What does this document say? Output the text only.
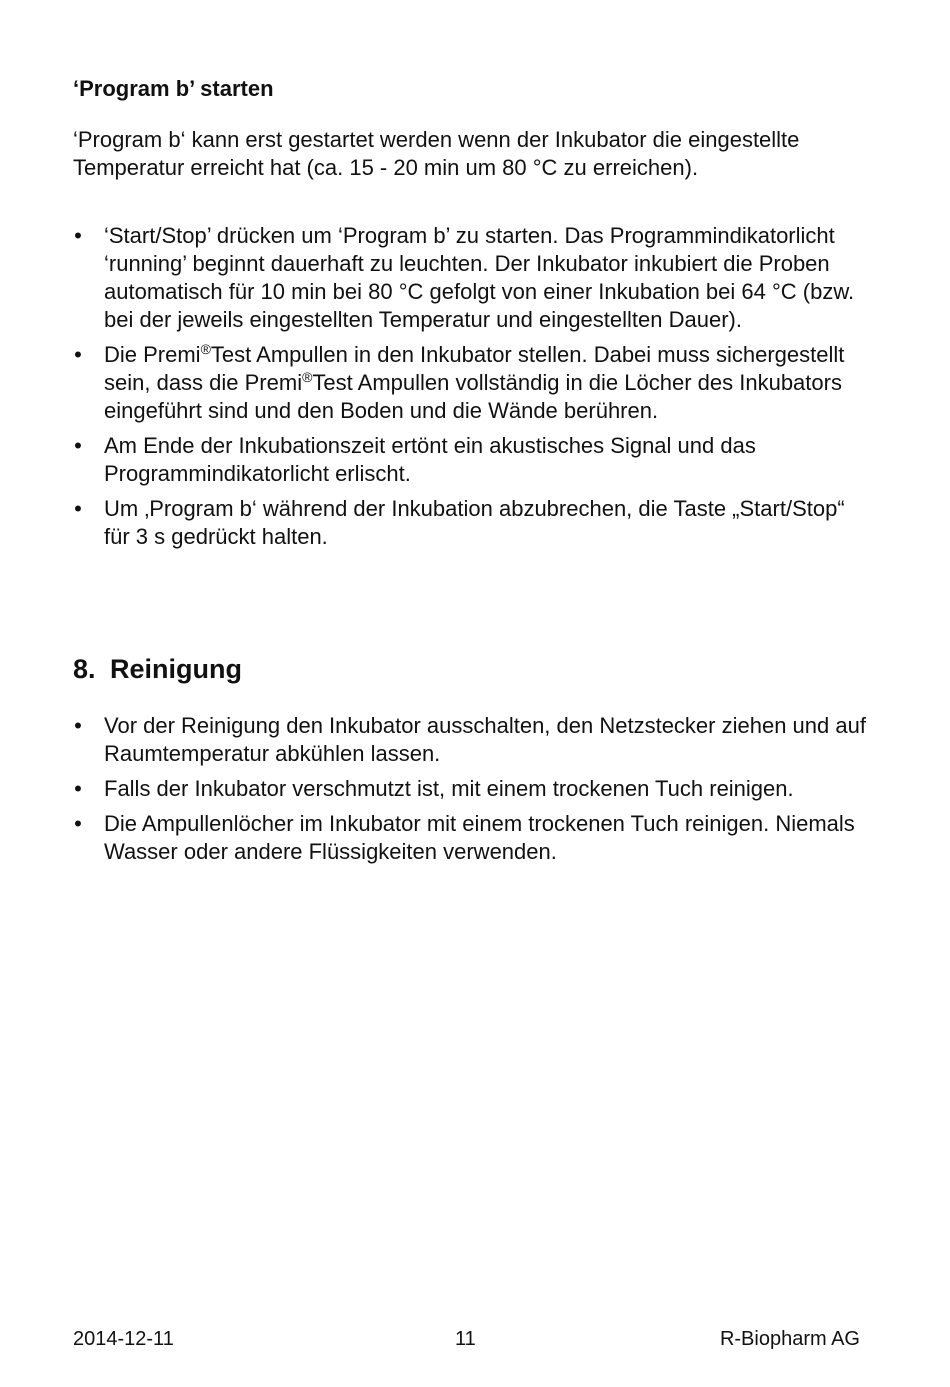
‘Program b’ starten

‘Program b‘ kann erst gestartet werden wenn der Inkubator die eingestellte Temperatur erreicht hat (ca. 15 - 20 min um 80 °C zu erreichen).

• ‘Start/Stop’ drücken um ‘Program b’ zu starten. Das Programmindikatorlicht ‘running’ beginnt dauerhaft zu leuchten. Der Inkubator inkubiert die Proben automatisch für 10 min bei 80 °C gefolgt von einer Inkubation bei 64 °C (bzw. bei der jeweils eingestellten Temperatur und eingestellten Dauer).
• Die Premi®Test Ampullen in den Inkubator stellen. Dabei muss sichergestellt sein, dass die Premi®Test Ampullen vollständig in die Löcher des Inkubators eingeführt sind und den Boden und die Wände berühren.
• Am Ende der Inkubationszeit ertönt ein akustisches Signal und das Programmindikatorlicht erlischt.
• Um ‚Program b‘ während der Inkubation abzubrechen, die Taste „Start/Stop“ für 3 s gedrückt halten.
8. Reinigung
• Vor der Reinigung den Inkubator ausschalten, den Netzstecker ziehen und auf Raumtemperatur abkühlen lassen.
• Falls der Inkubator verschmutzt ist, mit einem trockenen Tuch reinigen.
• Die Ampullenlöcher im Inkubator mit einem trockenen Tuch reinigen. Niemals Wasser oder andere Flüssigkeiten verwenden.
2014-12-11	11	R-Biopharm AG
